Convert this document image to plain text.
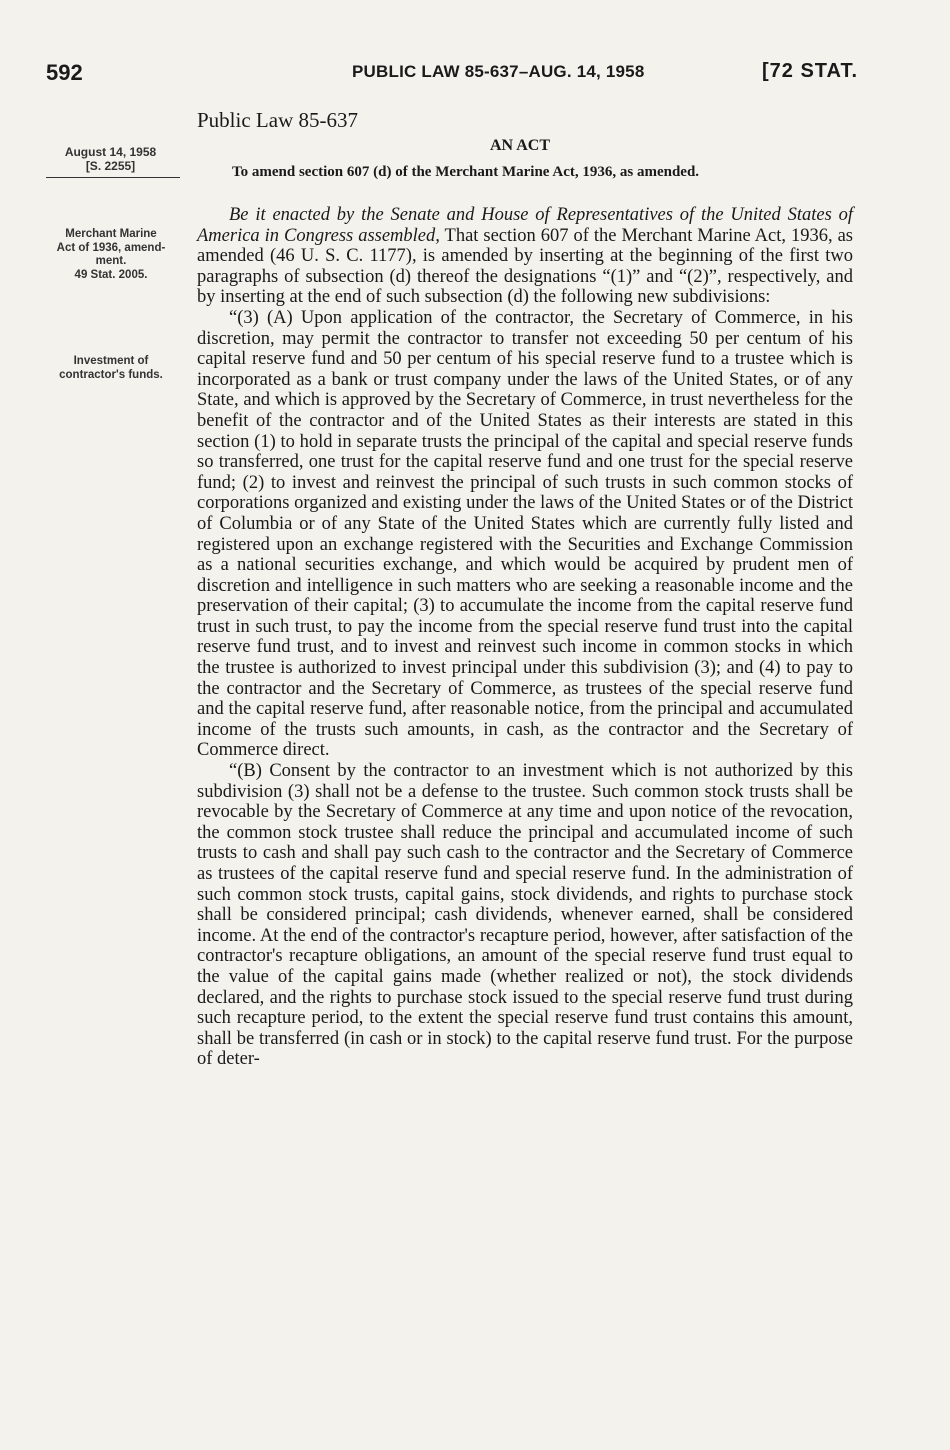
592	PUBLIC LAW 85-637–AUG. 14, 1958	[72 STAT.
August 14, 1958
[S. 2255]
Merchant Marine
Act of 1936, amend-
ment.
49 Stat. 2005.
Investment of
contractor's funds.
Public Law 85-637
AN ACT
To amend section 607 (d) of the Merchant Marine Act, 1936, as amended.

Be it enacted by the Senate and House of Representatives of the United States of America in Congress assembled, That section 607 of the Merchant Marine Act, 1936, as amended (46 U. S. C. 1177), is amended by inserting at the beginning of the first two paragraphs of subsection (d) thereof the designations “(1)” and “(2)”, respectively, and by inserting at the end of such subsection (d) the following new subdivisions:

“(3) (A) Upon application of the contractor, the Secretary of Commerce, in his discretion, may permit the contractor to transfer not exceeding 50 per centum of his capital reserve fund and 50 per centum of his special reserve fund to a trustee which is incorporated as a bank or trust company under the laws of the United States, or of any State, and which is approved by the Secretary of Commerce, in trust nevertheless for the benefit of the contractor and of the United States as their interests are stated in this section (1) to hold in separate trusts the principal of the capital and special reserve funds so transferred, one trust for the capital reserve fund and one trust for the special reserve fund; (2) to invest and reinvest the principal of such trusts in such common stocks of corporations organized and existing under the laws of the United States or of the District of Columbia or of any State of the United States which are currently fully listed and registered upon an exchange registered with the Securities and Exchange Commission as a national securities exchange, and which would be acquired by prudent men of discretion and intelligence in such matters who are seeking a reasonable income and the preservation of their capital; (3) to accumulate the income from the capital reserve fund trust in such trust, to pay the income from the special reserve fund trust into the capital reserve fund trust, and to invest and reinvest such income in common stocks in which the trustee is authorized to invest principal under this subdivision (3); and (4) to pay to the contractor and the Secretary of Commerce, as trustees of the special reserve fund and the capital reserve fund, after reasonable notice, from the principal and accumulated income of the trusts such amounts, in cash, as the contractor and the Secretary of Commerce direct.

“(B) Consent by the contractor to an investment which is not authorized by this subdivision (3) shall not be a defense to the trustee. Such common stock trusts shall be revocable by the Secretary of Commerce at any time and upon notice of the revocation, the common stock trustee shall reduce the principal and accumulated income of such trusts to cash and shall pay such cash to the contractor and the Secretary of Commerce as trustees of the capital reserve fund and special reserve fund. In the administration of such common stock trusts, capital gains, stock dividends, and rights to purchase stock shall be considered principal; cash dividends, whenever earned, shall be considered income. At the end of the contractor's recapture period, however, after satisfaction of the contractor's recapture obligations, an amount of the special reserve fund trust equal to the value of the capital gains made (whether realized or not), the stock dividends declared, and the rights to purchase stock issued to the special reserve fund trust during such recapture period, to the extent the special reserve fund trust contains this amount, shall be transferred (in cash or in stock) to the capital reserve fund trust. For the purpose of deter-
